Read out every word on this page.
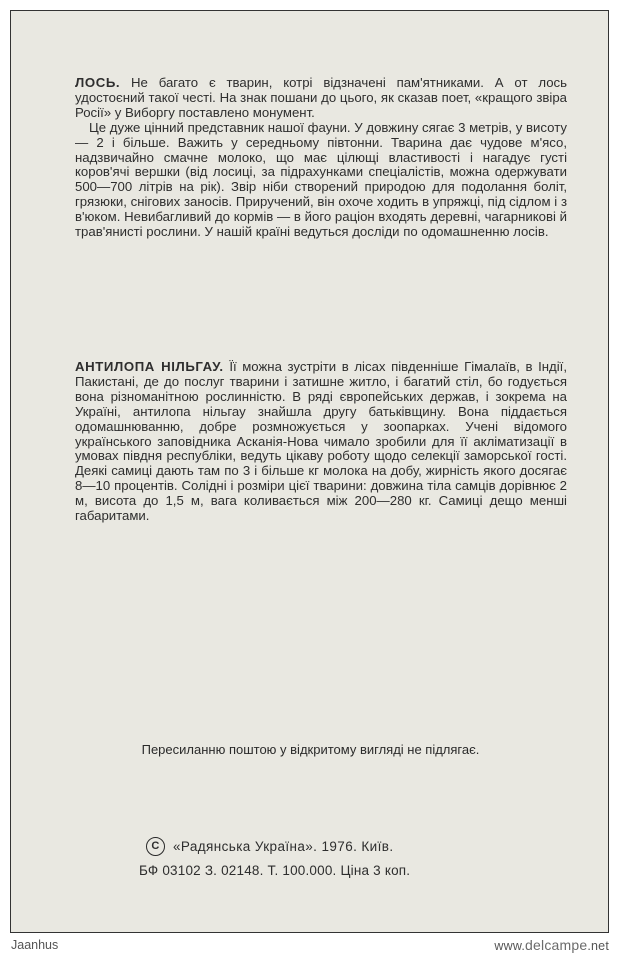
ЛОСЬ. Не багато є тварин, котрі відзначені пам'ятниками. А от лось удостоєний такої честі. На знак пошани до цього, як сказав поет, «кращого звіра Росії» у Виборгу поставлено монумент.

Це дуже цінний представник нашої фауни. У довжину сягає 3 метрів, у висоту — 2 і більше. Важить у середньому півтонни. Тварина дає чудове м'ясо, надзвичайно смачне молоко, що має цілющі властивості і нагадує густі коров'ячі вершки (від лосиці, за підрахунками спеціалістів, можна одержувати 500—700 літрів на рік). Звір ніби створений природою для подолання боліт, грязюки, снігових заносів. Приручений, він охоче ходить в упряжці, під сідлом і з в'юком. Невибагливий до кормів — в його раціон входять деревні, чагарникові й трав'янисті рослини. У нашій країні ведуться досліди по одомашненню лосів.

АНТИЛОПА НІЛЬГАУ. Її можна зустріти в лісах південніше Гімалаїв, в Індії, Пакистані, де до послуг тварини і затишне житло, і багатий стіл, бо годується вона різноманітною рослинністю. В ряді європейських держав, і зокрема на Україні, антилопа нільгау знайшла другу батьківщину. Вона піддається одомашнюванню, добре розмножується у зоопарках. Учені відомого українського заповідника Асканія-Нова чимало зробили для її акліматизації в умовах півдня республіки, ведуть цікаву роботу щодо селекції заморської гості. Деякі самиці дають там по 3 і більше кг молока на добу, жирність якого досягає 8—10 процентів. Солідні і розміри цієї тварини: довжина тіла самців дорівнює 2 м, висота до 1,5 м, вага коливається між 200—280 кг. Самиці дещо менші габаритами.

Пересиланню поштою у відкритому вигляді не підлягає.
C «Радянська Україна». 1976. Київ.
БФ 03102 З. 02148. Т. 100.000. Ціна 3 коп.
Jaanhus	www.delcampe.net
